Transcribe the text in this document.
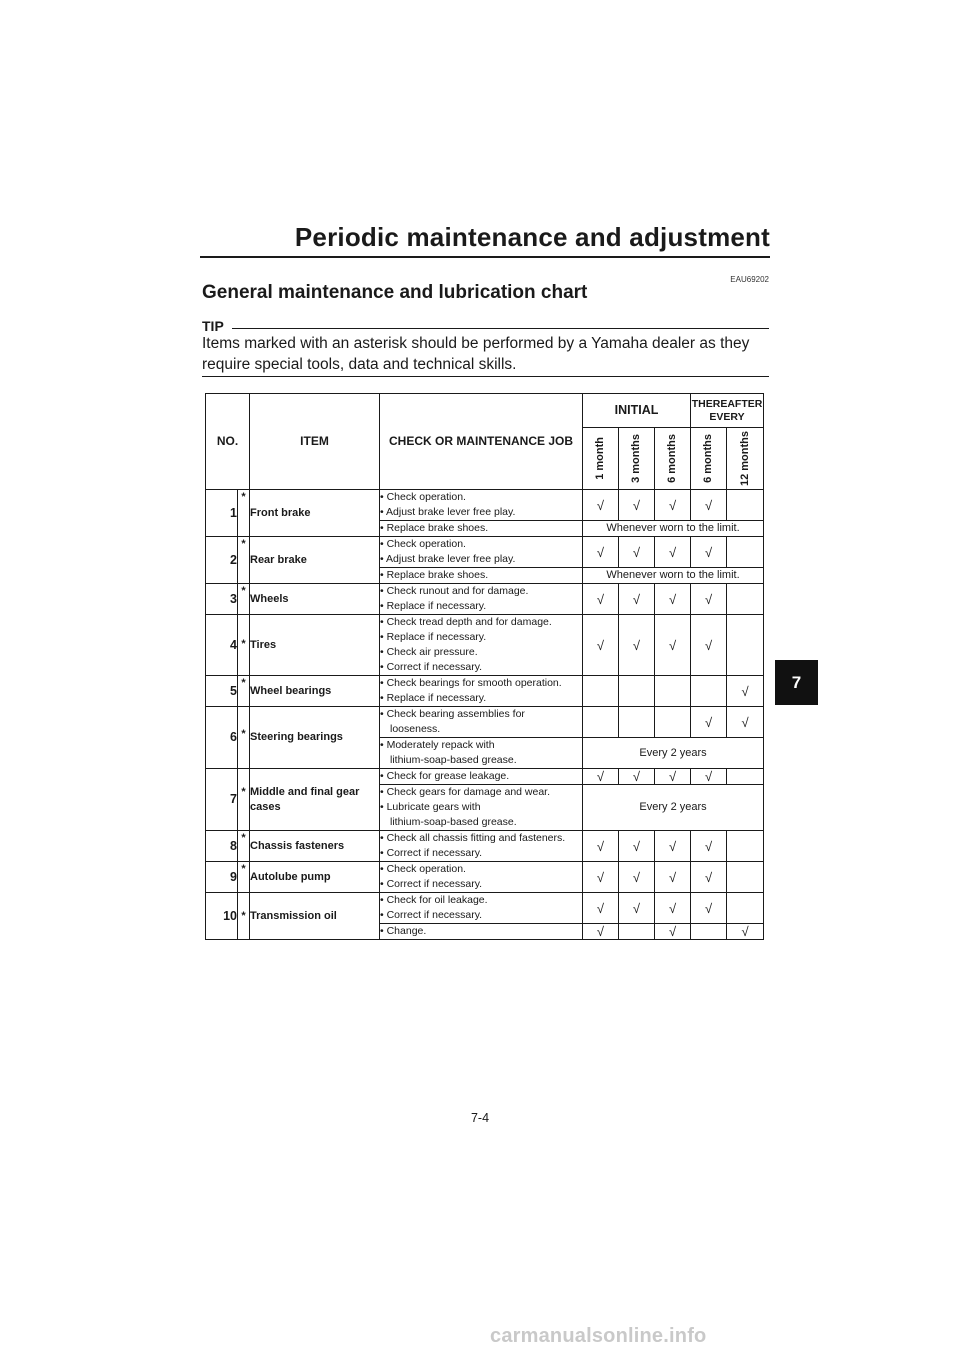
Periodic maintenance and adjustment
EAU69202
General maintenance and lubrication chart
TIP
Items marked with an asterisk should be performed by a Yamaha dealer as they require special tools, data and technical skills.
NO.		ITEM	CHECK OR MAINTENANCE JOB	INITIAL			THEREAFTER
EVERY	

				1 month	3 months	6 months	6 months	12 months

1	*	Front brake	• Check operation.
• Adjust brake lever free play.	√	√	√	√	

			• Replace brake shoes.	Whenever worn to the limit.				
2	*	Rear brake	• Check operation.
• Adjust brake lever free play.	√	√	√	√	

			• Replace brake shoes.	Whenever worn to the limit.				
3	*	Wheels	• Check runout and for damage.
• Replace if necessary.	√	√	√	√	
4	*	Tires	• Check tread depth and for damage.
• Replace if necessary.
• Check air pressure.
• Correct if necessary.	√	√	√	√	
5	*	Wheel bearings	• Check bearings for smooth operation.
• Replace if necessary.					√
6	*	Steering bearings	• Check bearing assemblies for
looseness.				√	√

			• Moderately repack with
lithium-soap-based grease.	Every 2 years				
7	*	Middle and final gear cases	• Check for grease leakage.	√	√	√	√	

			• Check gears for damage and wear.
• Lubricate gears with
lithium-soap-based grease.	Every 2 years				
8	*	Chassis fasteners	• Check all chassis fitting and fasteners.
• Correct if necessary.	√	√	√	√	
9	*	Autolube pump	• Check operation.
• Correct if necessary.	√	√	√	√	
10	*	Transmission oil	• Check for oil leakage.
• Correct if necessary.	√	√	√	√	

			• Change.	√		√		√
7
7-4
carmanualsonline.info
